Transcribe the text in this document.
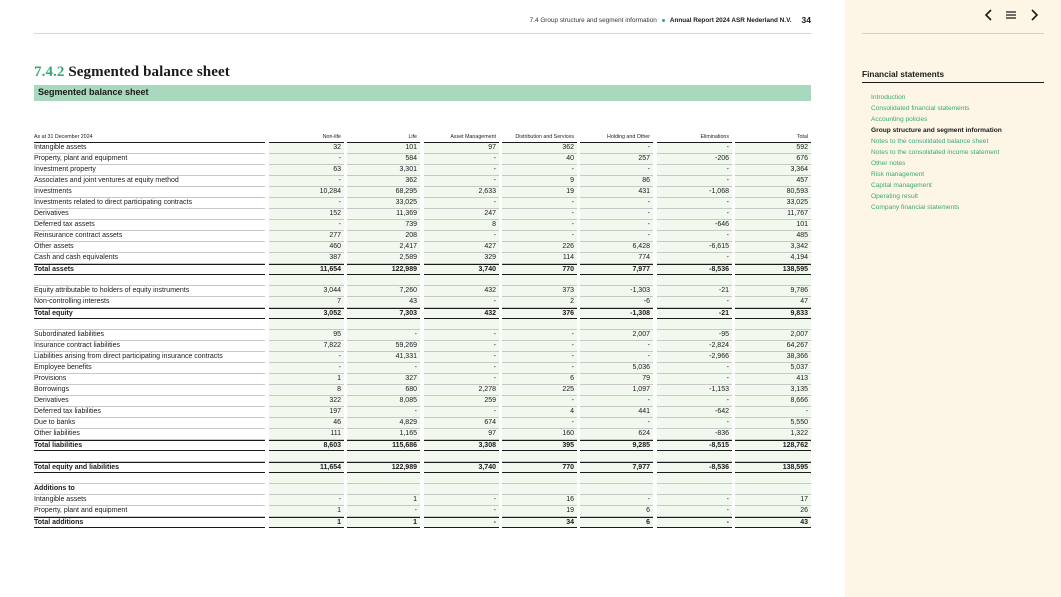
7.4 Group structure and segment information Annual Report 2024 ASR Nederland N.V. 34
7.4.2 Segmented balance sheet
Segmented balance sheet
As at 31 December 2024	Non-life	Life	Asset Management	Distribution and Services	Holding and Other	Eliminations	Total
Intangible assets	32	101	97	362	-	-	592
Property, plant and equipment	-	584	-	40	257	-206	676
Investment property	63	3,301	-	-	-	-	3,364
Associates and joint ventures at equity method	-	362	-	9	86	-	457
Investments	10,284	68,295	2,633	19	431	-1,068	80,593
Investments related to direct participating contracts	-	33,025	-	-	-	-	33,025
Derivatives	152	11,369	247	-	-	-	11,767
Deferred tax assets	-	739	8	-	-	-646	101
Reinsurance contract assets	277	208	-	-	-	-	485
Other assets	460	2,417	427	226	6,428	-6,615	3,342
Cash and cash equivalents	387	2,589	329	114	774	-	4,194
Total assets	11,654	122,989	3,740	770	7,977	-8,536	138,595
Equity attributable to holders of equity instruments	3,044	7,260	432	373	-1,303	-21	9,786
Non-controlling interests	7	43	-	2	-6	-	47
Total equity	3,052	7,303	432	376	-1,308	-21	9,833
Subordinated liabilities	95	-	-	-	2,007	-95	2,007
Insurance contract liabilities	7,822	59,269	-	-	-	-2,824	64,267
Liabilities arising from direct participating insurance contracts	-	41,331	-	-	-	-2,966	38,366
Employee benefits	-	-	-	-	5,036	-	5,037
Provisions	1	327	-	6	79	-	413
Borrowings	8	680	2,278	225	1,097	-1,153	3,135
Derivatives	322	8,085	259	-	-	-	8,666
Deferred tax liabilities	197	-	-	4	441	-642	-
Due to banks	46	4,829	674	-	-	-	5,550
Other liabilities	111	1,165	97	160	624	-836	1,322
Total liabilities	8,603	115,686	3,308	395	9,285	-8,515	128,762
Total equity and liabilities	11,654	122,989	3,740	770	7,977	-8,536	138,595
Additions to
Intangible assets	-	1	-	16	-	-	17
Property, plant and equipment	1	-	-	19	6	-	26
Total additions	1	1	-	34	6	-	43
Financial statements
Introduction
Consolidated financial statements
Accounting policies
Group structure and segment information
Notes to the consolidated balance sheet
Notes to the consolidated income statement
Other notes
Risk management
Capital management
Operating result
Company financial statements
